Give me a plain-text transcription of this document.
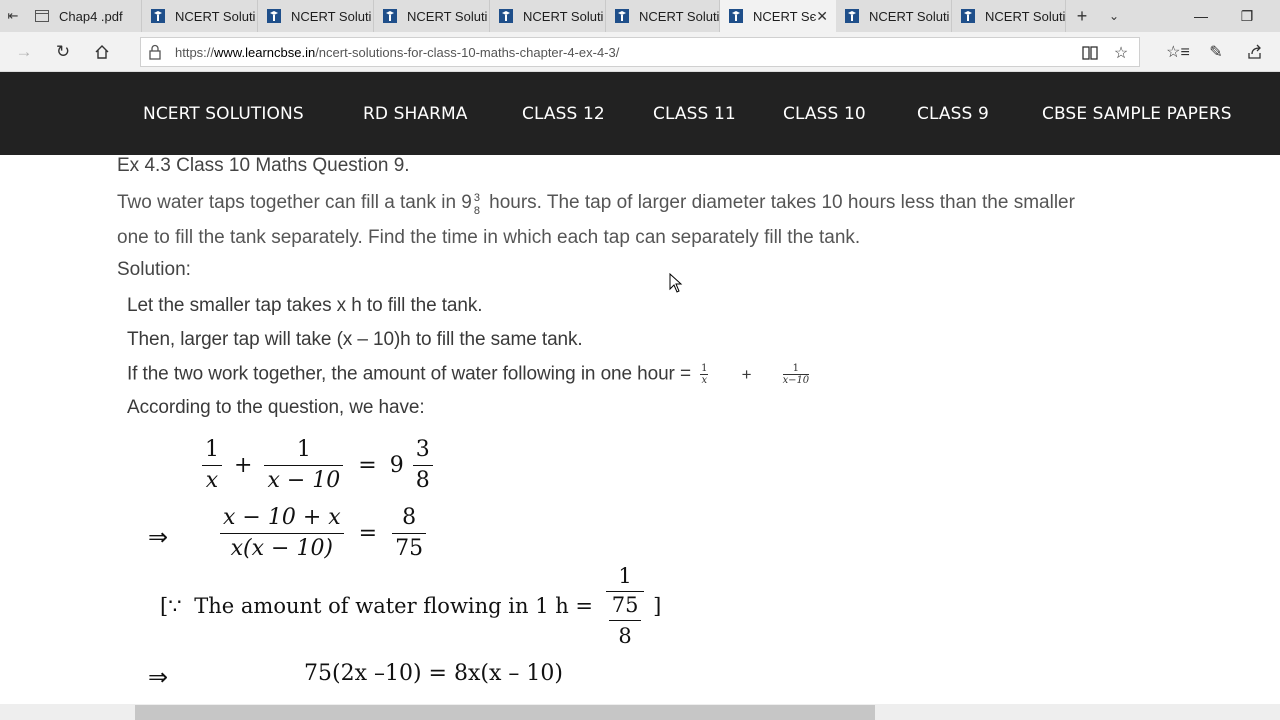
⇤	Chap4 .pdf	NCERT Soluti	NCERT Soluti	NCERT Soluti	NCERT Soluti	NCERT Soluti	NCERT Sє ✕	NCERT Soluti	NCERT Soluti +	⌄	—	❐
→	↻	https://www.learncbse.in/ncert-solutions-for-class-10-maths-chapter-4-ex-4-3/	☆	☆≡	✎
NCERT SOLUTIONS	RD SHARMA	CLASS 12	CLASS 11	CLASS 10	CLASS 9	CBSE SAMPLE PAPERS
Ex 4.3 Class 10 Maths Question 9.
Two water taps together can fill a tank in 9 3
8 hours. The tap of larger diameter takes 10 hours less than the smaller one to fill the tank separately. Find the time in which each tap can separately fill the tank.
Solution:
Let the smaller tap takes x h to fill the tank.
Then, larger tap will take (x – 10)h to fill the same tank.
If the two work together, the amount of water following in one hour = $\frac{1}{x}$ +	$\frac{1}{x-10}$
According to the question, we have:
$\frac{1}{x} + \frac{1}{x - 10} = 9 \frac{3}{8}$
⇒ $\frac{x - 10 + x}{x(x - 10)} = \frac{8}{75}$
[∵ The amount of water flowing in 1 $h = \frac{1}{\frac{75}{8}}$ ]
⇒	75(2x –10) = 8x(x – 10)
